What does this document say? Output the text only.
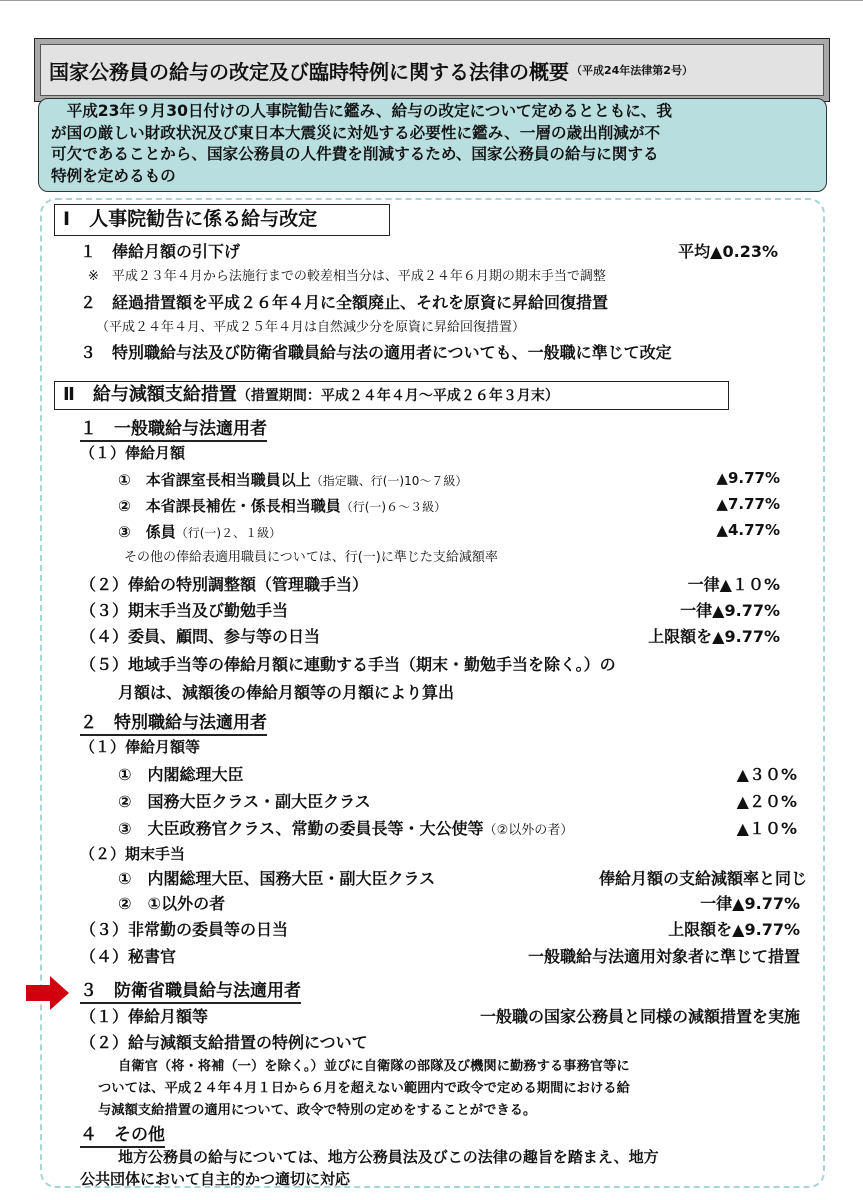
国家公務員の給与の改定及び臨時特例に関する法律の概要 （平成24年法律第2号）
　平成23年９月30日付けの人事院勧告に鑑み、給与の改定について定めるとともに、我
が国の厳しい財政状況及び東日本大震災に対処する必要性に鑑み、一層の歳出削減が不
可欠であることから、国家公務員の人件費を削減するため、国家公務員の給与に関する
特例を定めるもの
Ⅰ　人事院勧告に係る給与改定
１　俸給月額の引下げ	平均▲0.23%
※　平成２３年４月から法施行までの較差相当分は、平成２４年６月期の期末手当で調整
２　経過措置額を平成２６年４月に全額廃止、それを原資に昇給回復措置
（平成２４年４月、平成２５年４月は自然減少分を原資に昇給回復措置）
３　特別職給与法及び防衛省職員給与法の適用者についても、一般職に準じて改定
Ⅱ　給与減額支給措置（措置期間：平成２４年４月～平成２６年３月末）
１　一般職給与法適用者
（１）俸給月額
①　本省課室長相当職員以上（指定職、行(一)10～７級）	▲9.77%
②　本省課長補佐・係長相当職員（行(一)６～３級）	▲7.77%
③　係員（行(一)２、１級）	▲4.77%
その他の俸給表適用職員については、行(一)に準じた支給減額率
（２）俸給の特別調整額（管理職手当）	一律▲１０%
（３）期末手当及び勤勉手当	一律▲9.77%
（４）委員、顧問、参与等の日当	上限額を▲9.77%
（５）地域手当等の俸給月額に連動する手当（期末・勤勉手当を除く。）の
月額は、減額後の俸給月額等の月額により算出
２　特別職給与法適用者
（１）俸給月額等
①　内閣総理大臣	▲３０%
②　国務大臣クラス・副大臣クラス	▲２０%
③　大臣政務官クラス、常勤の委員長等・大公使等（②以外の者）	▲１０%
（２）期末手当
①　内閣総理大臣、国務大臣・副大臣クラス	俸給月額の支給減額率と同じ
②　①以外の者	一律▲9.77%
（３）非常勤の委員等の日当	上限額を▲9.77%
（４）秘書官	一般職給与法適用対象者に準じて措置
３　防衛省職員給与法適用者
（１）俸給月額等	一般職の国家公務員と同様の減額措置を実施
（２）給与減額支給措置の特例について
自衛官（将・将補（一）を除く。）並びに自衛隊の部隊及び機関に勤務する事務官等に
ついては、平成２４年４月１日から６月を超えない範囲内で政令で定める期間における給
与減額支給措置の適用について、政令で特別の定めをすることができる。
４　その他
地方公務員の給与については、地方公務員法及びこの法律の趣旨を踏まえ、地方
公共団体において自主的かつ適切に対応
